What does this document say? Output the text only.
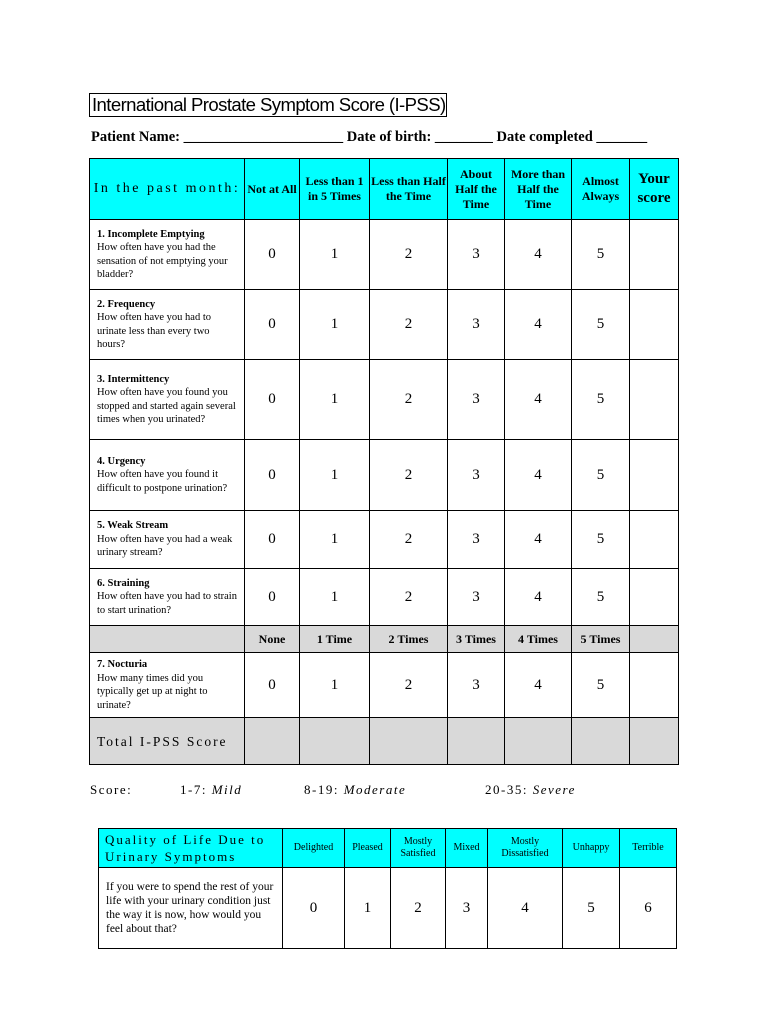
International Prostate Symptom Score (I-PSS)
Patient Name: ______________________ Date of birth: ________ Date completed _______
In the past month:	Not at All	Less than 1 in 5 Times	Less than Half the Time	About Half the Time	More than Half the Time	Almost Always	Your score
1. Incomplete Emptying
How often have you had the sensation of not emptying your bladder?	0	1	2	3	4	5	
2. Frequency
How often have you had to urinate less than every two hours?	0	1	2	3	4	5	
3. Intermittency
How often have you found you stopped and started again several times when you urinated?	0	1	2	3	4	5	
4. Urgency
How often have you found it difficult to postpone urination?	0	1	2	3	4	5	
5. Weak Stream
How often have you had a weak urinary stream?	0	1	2	3	4	5	
6. Straining
How often have you had to strain to start urination?	0	1	2	3	4	5	
	None	1 Time	2 Times	3 Times	4 Times	5 Times	
7. Nocturia
How many times did you typically get up at night to urinate?	0	1	2	3	4	5	
Total I-PSS Score							
Score:	1-7: Mild	8-19: Moderate	20-35: Severe
Quality of Life Due to Urinary Symptoms	Delighted	Pleased	Mostly Satisfied	Mixed	Mostly Dissatisfied	Unhappy	Terrible
If you were to spend the rest of your life with your urinary condition just the way it is now, how would you feel about that?	0	1	2	3	4	5	6
